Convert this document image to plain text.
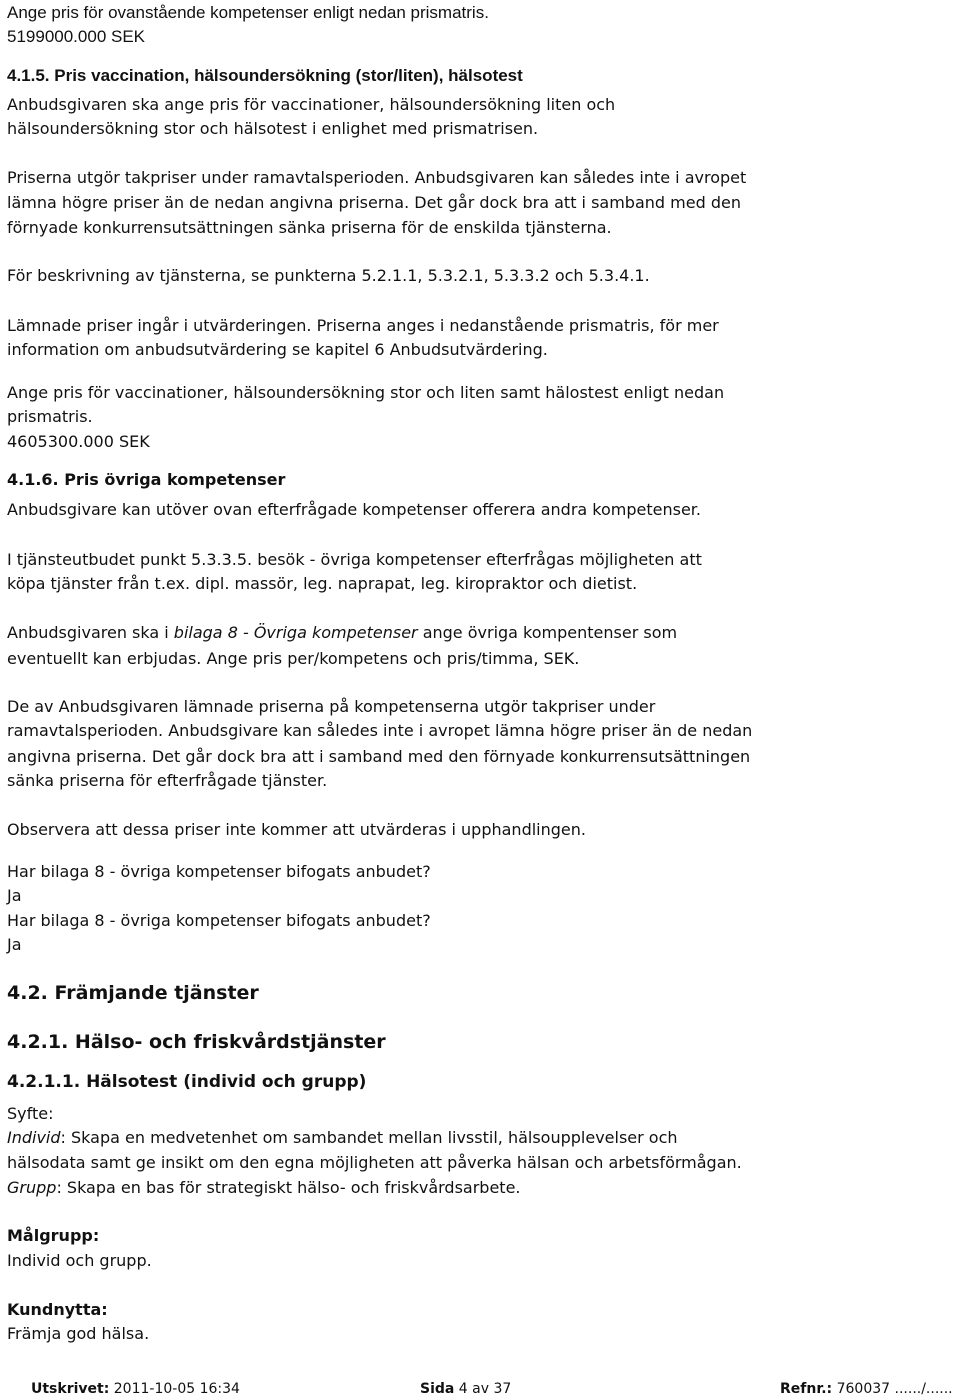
Ange pris för ovanstående kompetenser enligt nedan prismatris.
5199000.000 SEK
4.1.5. Pris vaccination, hälsoundersökning (stor/liten), hälsotest
Anbudsgivaren ska ange pris för vaccinationer, hälsoundersökning liten och
hälsoundersökning stor och hälsotest i enlighet med prismatrisen.
Priserna utgör takpriser under ramavtalsperioden. Anbudsgivaren kan således inte i avropet
lämna högre priser än de nedan angivna priserna. Det går dock bra att i samband med den
förnyade konkurrensutsättningen sänka priserna för de enskilda tjänsterna.
För beskrivning av tjänsterna, se punkterna 5.2.1.1, 5.3.2.1, 5.3.3.2 och 5.3.4.1.
Lämnade priser ingår i utvärderingen. Priserna anges i nedanstående prismatris, för mer
information om anbudsutvärdering se kapitel 6 Anbudsutvärdering.
Ange pris för vaccinationer, hälsoundersökning stor och liten samt hälostest enligt nedan
prismatris.
4605300.000 SEK
4.1.6. Pris övriga kompetenser
Anbudsgivare kan utöver ovan efterfrågade kompetenser offerera andra kompetenser.
I tjänsteutbudet punkt 5.3.3.5. besök - övriga kompetenser efterfrågas möjligheten att
köpa tjänster från t.ex. dipl. massör, leg. naprapat, leg. kiropraktor och dietist.
Anbudsgivaren ska i bilaga 8 - Övriga kompetenser ange övriga kompentenser som
eventuellt kan erbjudas. Ange pris per/kompetens och pris/timma, SEK.
De av Anbudsgivaren lämnade priserna på kompetenserna utgör takpriser under
ramavtalsperioden. Anbudsgivare kan således inte i avropet lämna högre priser än de nedan
angivna priserna. Det går dock bra att i samband med den förnyade konkurrensutsättningen
sänka priserna för efterfrågade tjänster.
Observera att dessa priser inte kommer att utvärderas i upphandlingen.
Har bilaga 8 - övriga kompetenser bifogats anbudet?
Ja
Har bilaga 8 - övriga kompetenser bifogats anbudet?
Ja
4.2. Främjande tjänster
4.2.1. Hälso- och friskvårdstjänster
4.2.1.1. Hälsotest (individ och grupp)
Syfte:
Individ: Skapa en medvetenhet om sambandet mellan livsstil, hälsoupplevelser och
hälsodata samt ge insikt om den egna möjligheten att påverka hälsan och arbetsförmågan.
Grupp: Skapa en bas för strategiskt hälso- och friskvårdsarbete.
Målgrupp:
Individ och grupp.
Kundnytta:
Främja god hälsa.
Utskrivet: 2011-10-05 16:34	Sida 4 av 37	Refnr.: 760037 ....../......
